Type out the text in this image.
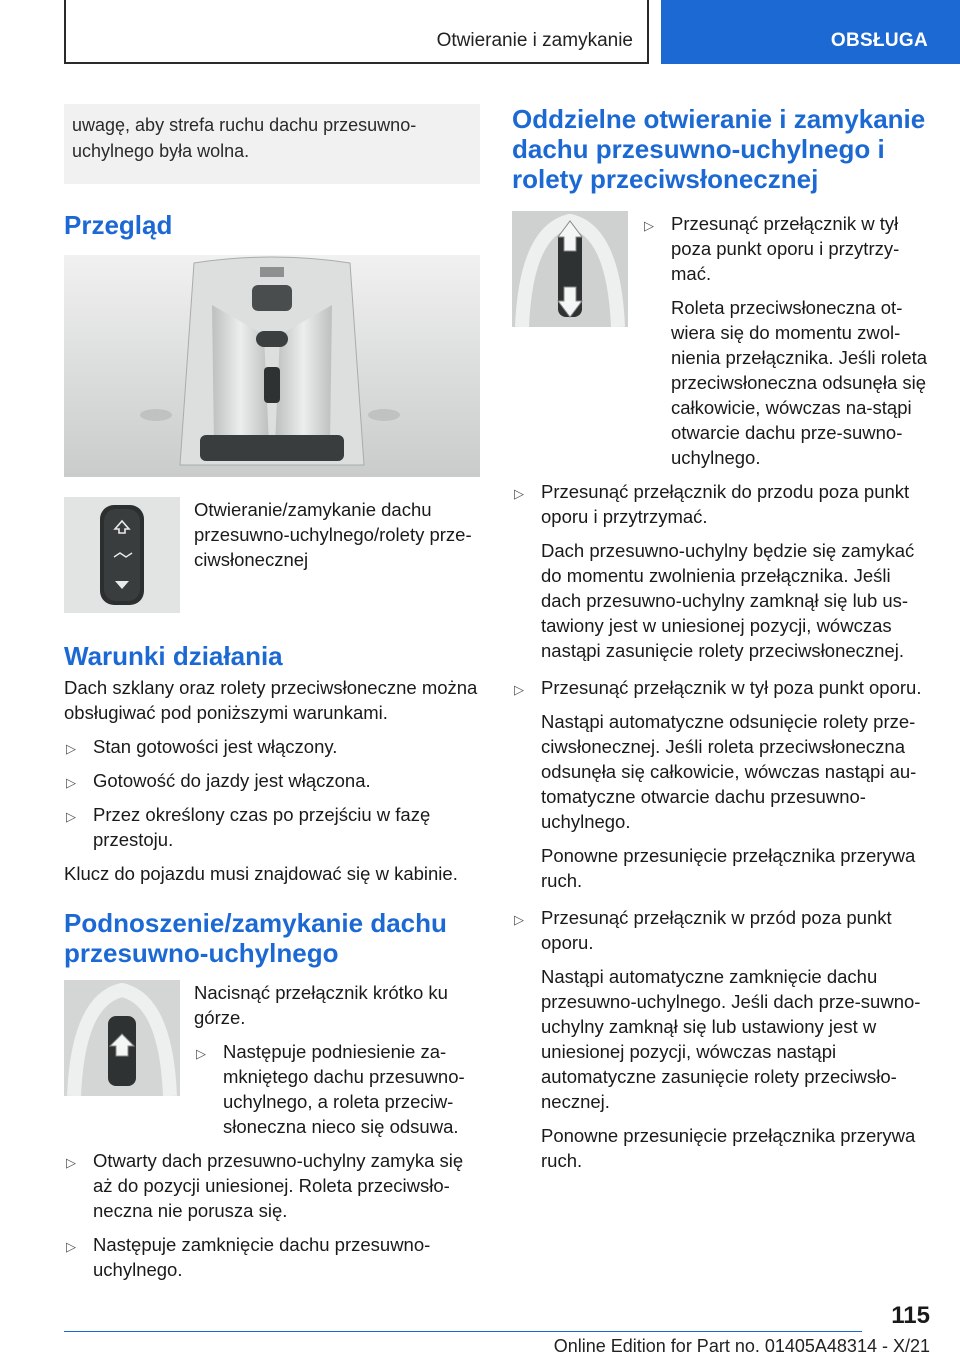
Otwieranie i zamykanie	OBSŁUGA
uwagę, aby strefa ruchu dachu przesuwno-uchylnego była wolna.
Przegląd
Otwieranie/zamykanie dachu przesuwno-uchylnego/rolety prze-ciwsłonecznej
Warunki działania
Dach szklany oraz rolety przeciwsłoneczne można obsługiwać pod poniższymi warunkami.
▷ Stan gotowości jest włączony.
▷ Gotowość do jazdy jest włączona.
▷ Przez określony czas po przejściu w fazę przestoju.
Klucz do pojazdu musi znajdować się w kabinie.
Podnoszenie/zamykanie dachu przesuwno-uchylnego
Nacisnąć przełącznik krótko ku górze.
▷ Następuje podniesienie za-mkniętego dachu przesuwno-uchylnego, a roleta przeciw-słoneczna nieco się odsuwa.
▷ Otwarty dach przesuwno-uchylny zamyka się aż do pozycji uniesionej. Roleta przeciwsło-neczna nie porusza się.
▷ Następuje zamknięcie dachu przesuwno-uchylnego.
Oddzielne otwieranie i zamykanie dachu przesuwno-uchylnego i rolety przeciwsłonecznej
▷ Przesunąć przełącznik w tył poza punkt oporu i przytrzy-mać.
Roleta przeciwsłoneczna ot-wiera się do momentu zwol-nienia przełącznika. Jeśli roleta przeciwsłoneczna odsunęła się całkowicie, wówczas na-stąpi otwarcie dachu prze-suwno-uchylnego.
▷ Przesunąć przełącznik do przodu poza punkt oporu i przytrzymać.
Dach przesuwno-uchylny będzie się zamykać do momentu zwolnienia przełącznika. Jeśli dach przesuwno-uchylny zamknął się lub us-tawiony jest w uniesionej pozycji, wówczas nastąpi zasunięcie rolety przeciwsłonecznej.
▷ Przesunąć przełącznik w tył poza punkt oporu.
Nastąpi automatyczne odsunięcie rolety prze-ciwsłonecznej. Jeśli roleta przeciwsłoneczna odsunęła się całkowicie, wówczas nastąpi au-tomatyczne otwarcie dachu przesuwno-uchylnego.
Ponowne przesunięcie przełącznika przerywa ruch.
▷ Przesunąć przełącznik w przód poza punkt oporu.
Nastąpi automatyczne zamknięcie dachu przesuwno-uchylnego. Jeśli dach prze-suwno-uchylny zamknął się lub ustawiony jest w uniesionej pozycji, wówczas nastąpi automatyczne zasunięcie rolety przeciwsło-necznej.
Ponowne przesunięcie przełącznika przerywa ruch.
115
Online Edition for Part no. 01405A48314 - X/21
